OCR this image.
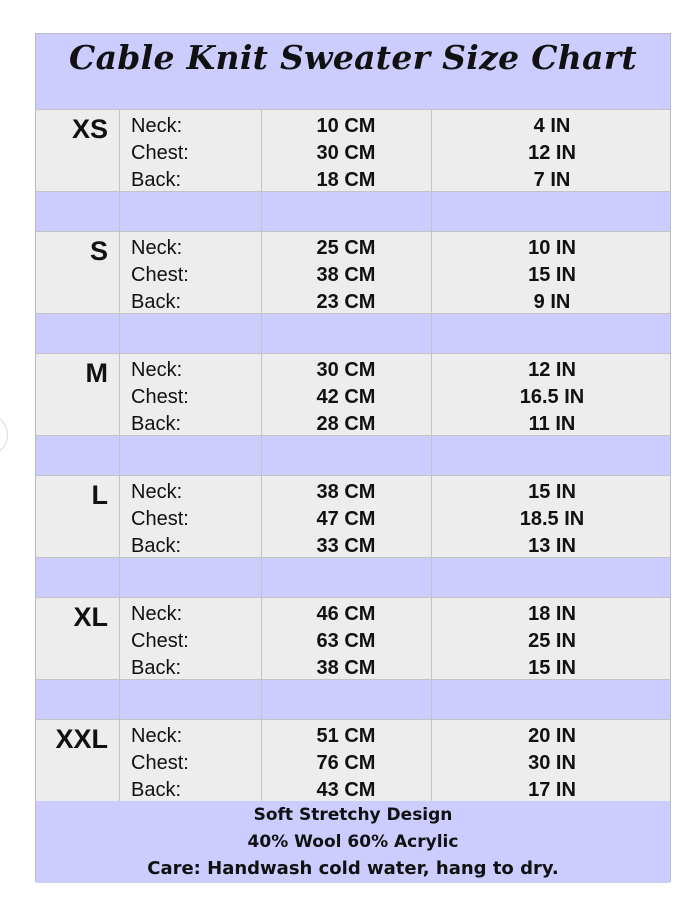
Cable Knit Sweater Size Chart
XS Neck:	10 CM	4 IN
Chest:	30 CM	12 IN
Back:	18 CM	7 IN
S Neck:	25 CM	10 IN
Chest:	38 CM	15 IN
Back:	23 CM	9 IN
M Neck:	30 CM	12 IN
Chest:	42 CM	16.5 IN
Back:	28 CM	11 IN
L Neck:	38 CM	15 IN
Chest:	47 CM	18.5 IN
Back:	33 CM	13 IN
XL Neck:	46 CM	18 IN
Chest:	63 CM	25 IN
Back:	38 CM	15 IN
XXL Neck:	51 CM	20 IN
Chest:	76 CM	30 IN
Back:	43 CM	17 IN
Soft Stretchy Design
40% Wool 60% Acrylic
Care: Handwash cold water, hang to dry.
